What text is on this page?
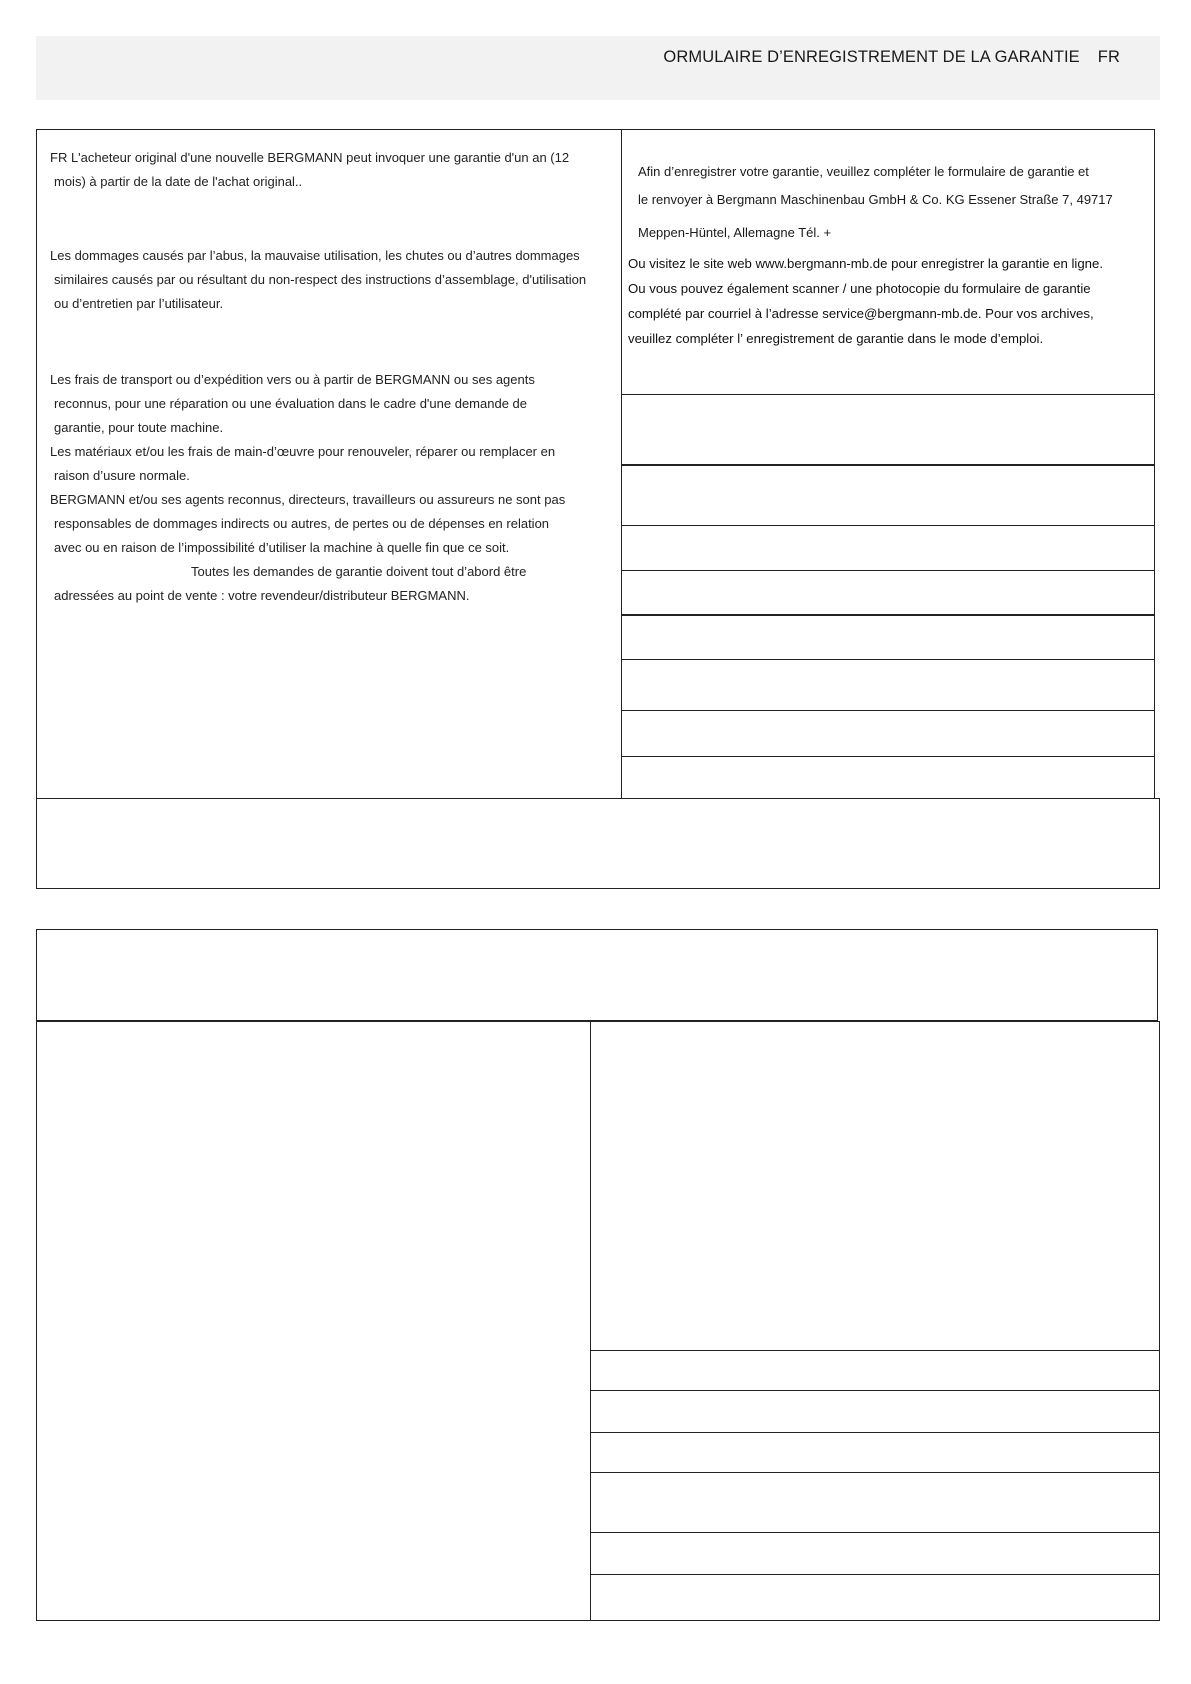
ORMULAIRE D’ENREGISTREMENT DE LA GARANTIE FR
FR L'acheteur original d'une nouvelle BERGMANN peut invoquer une garantie d'un an (12
mois) à partir de la date de l'achat original..
Les dommages causés par l’abus, la mauvaise utilisation, les chutes ou d’autres dommages
similaires causés par ou résultant du non-respect des instructions d’assemblage, d'utilisation
ou d’entretien par l’utilisateur.
Les frais de transport ou d’expédition vers ou à partir de BERGMANN ou ses agents
reconnus, pour une réparation ou une évaluation dans le cadre d'une demande de
garantie, pour toute machine.
Les matériaux et/ou les frais de main-d’œuvre pour renouveler, réparer ou remplacer en
raison d’usure normale.
BERGMANN et/ou ses agents reconnus, directeurs, travailleurs ou assureurs ne sont pas
responsables de dommages indirects ou autres, de pertes ou de dépenses en relation
avec ou en raison de l’impossibilité d’utiliser la machine à quelle fin que ce soit.
Toutes les demandes de garantie doivent tout d’abord être
adressées au point de vente : votre revendeur/distributeur BERGMANN.
Afin d’enregistrer votre garantie, veuillez compléter le formulaire de garantie et
le renvoyer à Bergmann Maschinenbau GmbH & Co. KG Essener Straße 7, 49717
Meppen-Hüntel, Allemagne Tél. +
Ou visitez le site web www.bergmann-mb.de pour enregistrer la garantie en ligne.
Ou vous pouvez également scanner / une photocopie du formulaire de garantie
complété par courriel à l’adresse service@bergmann-mb.de. Pour vos archives,
veuillez compléter l’ enregistrement de garantie dans le mode d’emploi.
